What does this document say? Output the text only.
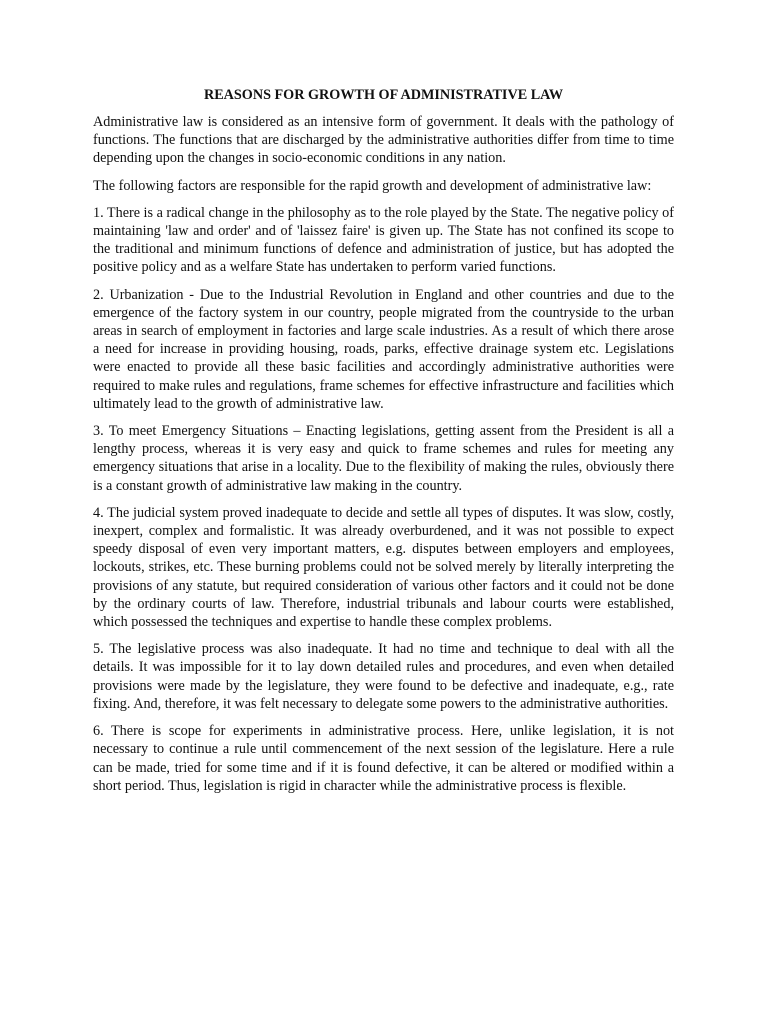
REASONS FOR GROWTH OF ADMINISTRATIVE LAW

Administrative law is considered as an intensive form of government. It deals with the pathology of functions. The functions that are discharged by the administrative authorities differ from time to time depending upon the changes in socio-economic conditions in any nation.

The following factors are responsible for the rapid growth and development of administrative law:

1. There is a radical change in the philosophy as to the role played by the State. The negative policy of maintaining 'law and order' and of 'laissez faire' is given up. The State has not confined its scope to the traditional and minimum functions of defence and administration of justice, but has adopted the positive policy and as a welfare State has undertaken to perform varied functions.

2. Urbanization - Due to the Industrial Revolution in England and other countries and due to the emergence of the factory system in our country, people migrated from the countryside to the urban areas in search of employment in factories and large scale industries. As a result of which there arose a need for increase in providing housing, roads, parks, effective drainage system etc. Legislations were enacted to provide all these basic facilities and accordingly administrative authorities were required to make rules and regulations, frame schemes for effective infrastructure and facilities which ultimately lead to the growth of administrative law.

3. To meet Emergency Situations – Enacting legislations, getting assent from the President is all a lengthy process, whereas it is very easy and quick to frame schemes and rules for meeting any emergency situations that arise in a locality. Due to the flexibility of making the rules, obviously there is a constant growth of administrative law making in the country.

4. The judicial system proved inadequate to decide and settle all types of disputes. It was slow, costly, inexpert, complex and formalistic. It was already overburdened, and it was not possible to expect speedy disposal of even very important matters, e.g. disputes between employers and employees, lockouts, strikes, etc. These burning problems could not be solved merely by literally interpreting the provisions of any statute, but required consideration of various other factors and it could not be done by the ordinary courts of law. Therefore, industrial tribunals and labour courts were established, which possessed the techniques and expertise to handle these complex problems.

5. The legislative process was also inadequate. It had no time and technique to deal with all the details. It was impossible for it to lay down detailed rules and procedures, and even when detailed provisions were made by the legislature, they were found to be defective and inadequate, e.g., rate fixing. And, therefore, it was felt necessary to delegate some powers to the administrative authorities.

6. There is scope for experiments in administrative process. Here, unlike legislation, it is not necessary to continue a rule until commencement of the next session of the legislature. Here a rule can be made, tried for some time and if it is found defective, it can be altered or modified within a short period. Thus, legislation is rigid in character while the administrative process is flexible.
